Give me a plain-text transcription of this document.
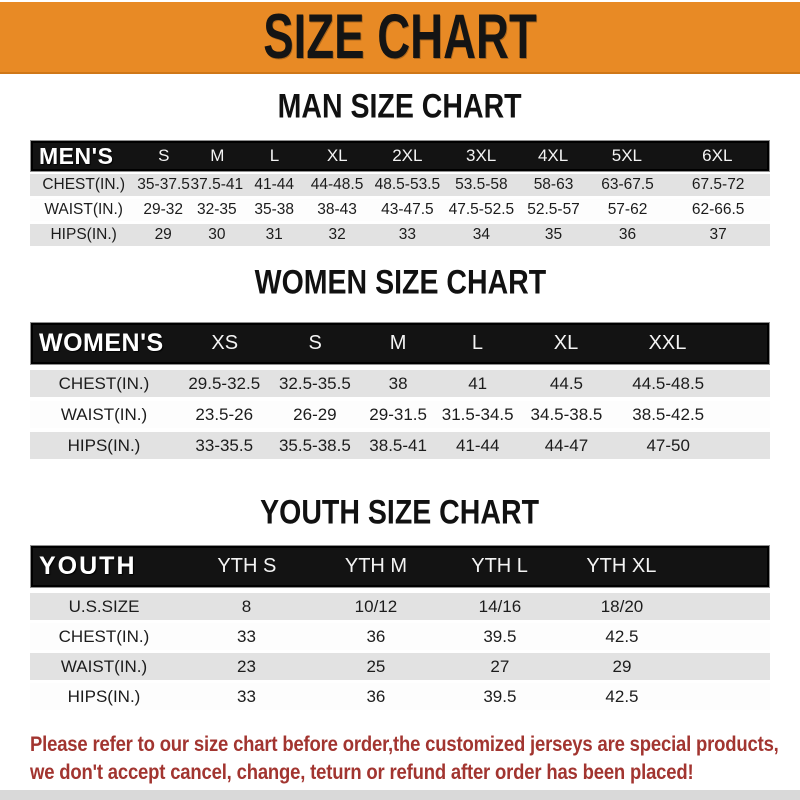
SIZE CHART
MAN SIZE CHART
MEN'S	S	M	L	XL	2XL	3XL	4XL	5XL	6XL
CHEST(IN.) 35-37.5 37.5-41 41-44	44-48.5 48.5-53.5 53.5-58	58-63	63-67.5	67.5-72
WAIST(IN.)	29-32 32-35	35-38	38-43	43-47.5 47.5-52.5 52.5-57	57-62	62-66.5
HIPS(IN.)	29	30	31	32	33	34	35	36	37
WOMEN SIZE CHART
WOMEN'S	XS	S	M	L	XL	XXL
CHEST(IN.)	29.5-32.5	32.5-35.5	38	41	44.5	44.5-48.5
WAIST(IN.)	23.5-26	26-29	29-31.5 31.5-34.5 34.5-38.5	38.5-42.5
HIPS(IN.)	33-35.5	35.5-38.5	38.5-41	41-44	44-47	47-50
YOUTH SIZE CHART
YOUTH	YTH S	YTH M	YTH L	YTH XL
U.S.SIZE	8	10/12	14/16	18/20
CHEST(IN.)	33	36	39.5	42.5
WAIST(IN.)	23	25	27	29
HIPS(IN.)	33	36	39.5	42.5
Please refer to our size chart before order,the customized jerseys are special products,
we don't accept cancel, change, teturn or refund after order has been placed!
